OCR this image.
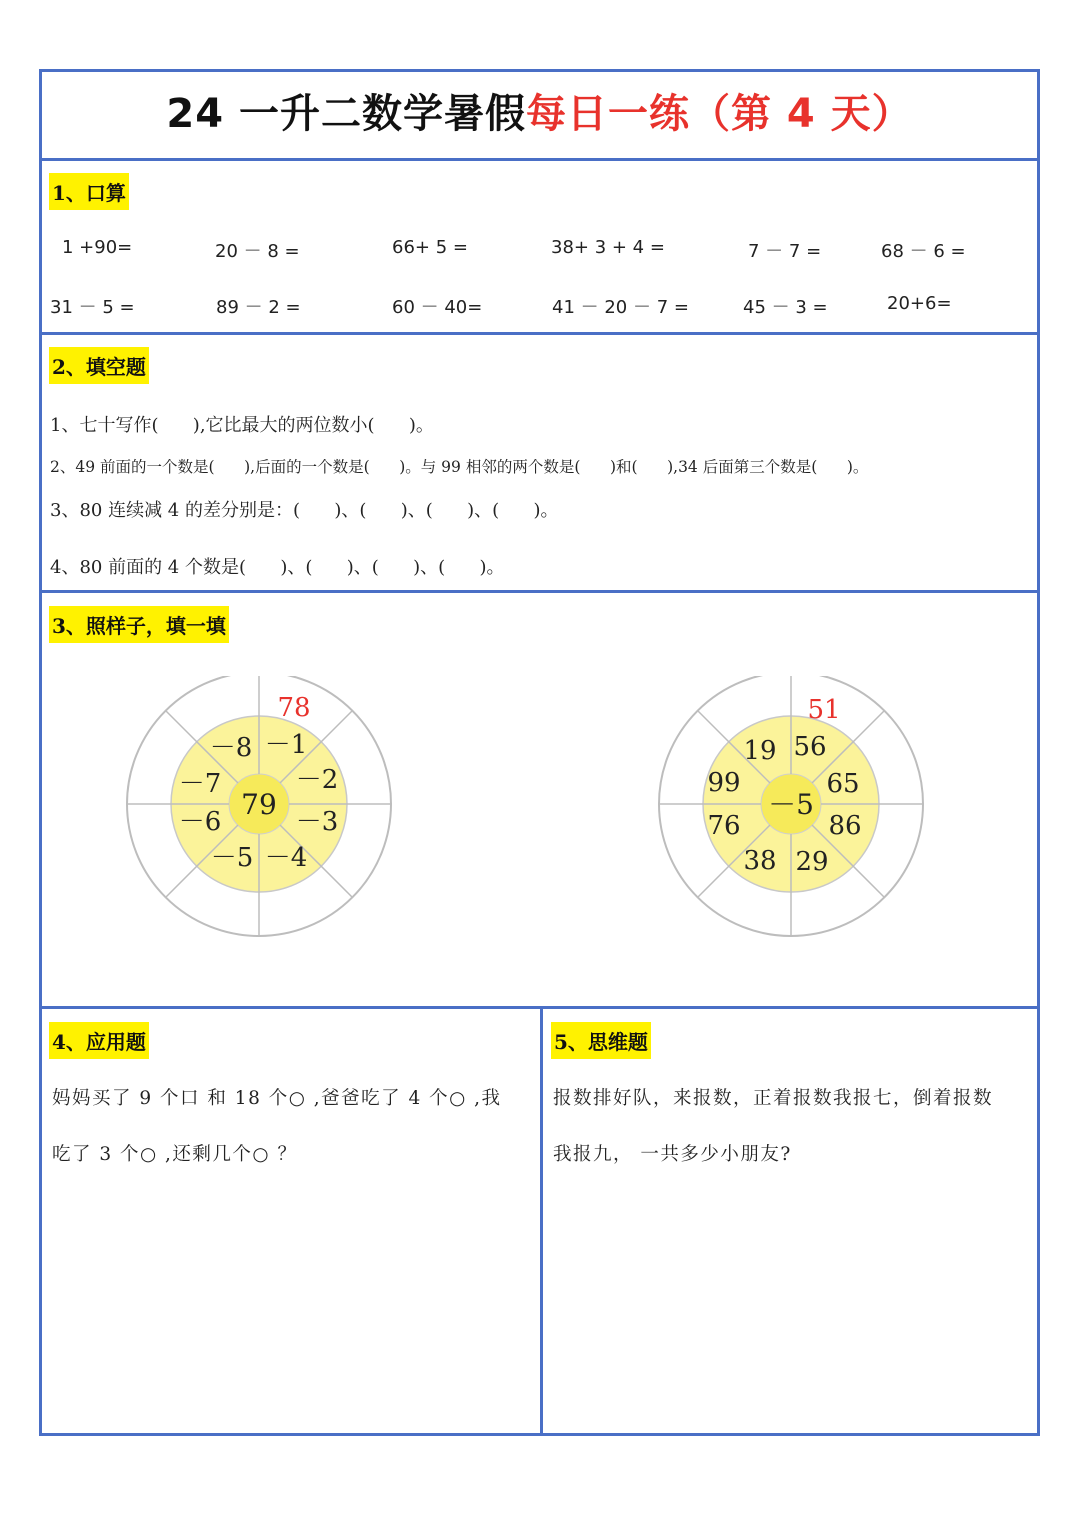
24 一升二数学暑假每日一练（第 4 天）
1、口算
1 +90=	20 － 8 =	66+ 5 =	38+ 3 + 4 =	7 － 7 =	68 － 6 =
31 － 5 =	89 － 2 =	60 － 40=	41 － 20 － 7 =	45 － 3 =	20+6=
2、填空题
1、七十写作(      ),它比最大的两位数小(      )。
2、49 前面的一个数是(      ),后面的一个数是(      )。与 99 相邻的两个数是(      )和(      ),34 后面第三个数是(      )。
3、80 连续减 4 的差分别是：(      )、(      )、(      )、(      )。
4、80 前面的 4 个数是(      )、(      )、(      )、(      )。
3、照样子，填一填
78
79
－1
－2
－3
－4
－5
－6
－7
－8
51
－5
56
65
86
29
38
76
99
19
4、应用题
妈妈买了 9 个口 和 18 个○ ,爸爸吃了 4 个○ ,我
吃了 3 个○ ,还剩几个○ ？
5、思维题
报数排好队，来报数，正着报数我报七，倒着报数
我报九， 一共多少小朋友?
